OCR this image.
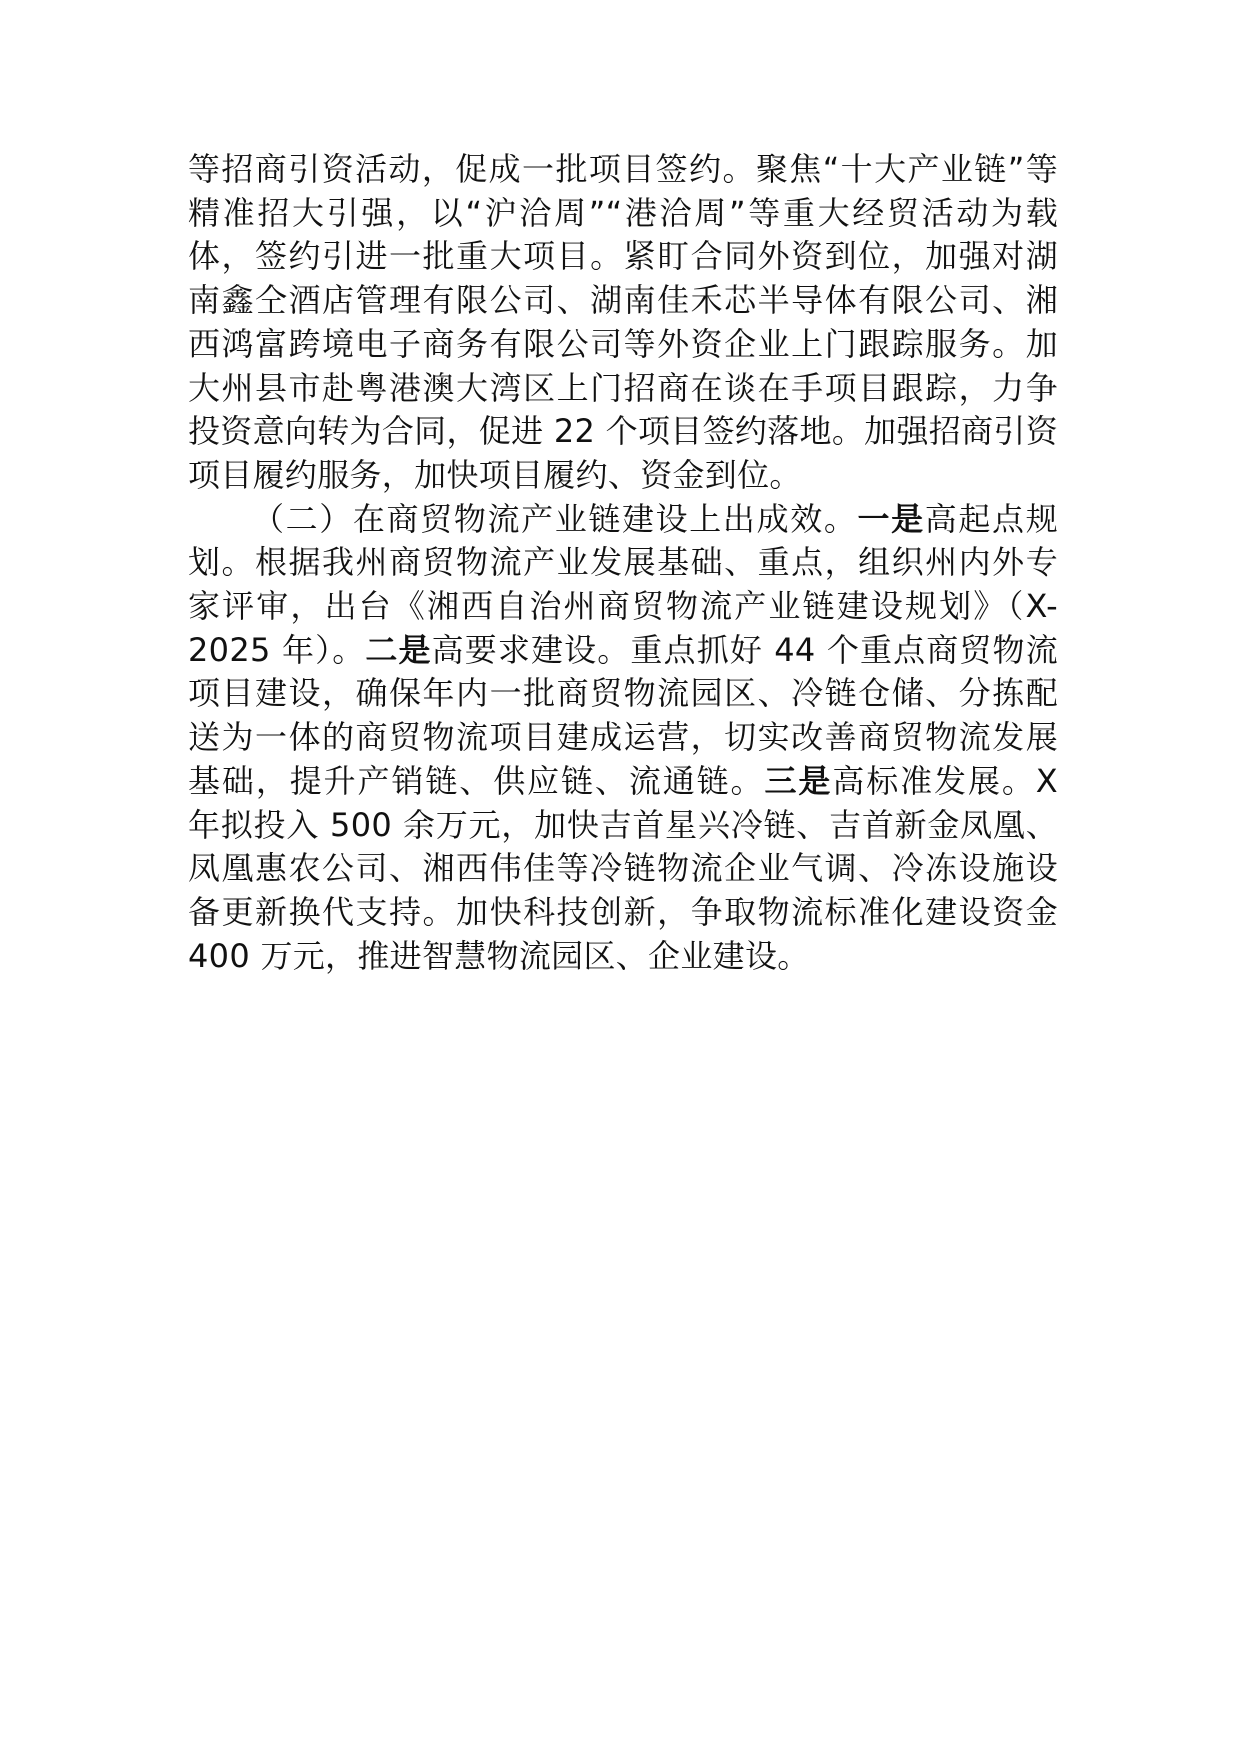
等招商引资活动，促成一批项目签约。聚焦“十大产业链”等精准招大引强，以“沪洽周”“港洽周”等重大经贸活动为载体，签约引进一批重大项目。紧盯合同外资到位，加强对湖南鑫仝酒店管理有限公司、湖南佳禾芯半导体有限公司、湘西鸿富跨境电子商务有限公司等外资企业上门跟踪服务。加大州县市赴粤港澳大湾区上门招商在谈在手项目跟踪，力争投资意向转为合同，促进 22 个项目签约落地。加强招商引资项目履约服务，加快项目履约、资金到位。

（二）在商贸物流产业链建设上出成效。一是高起点规划。根据我州商贸物流产业发展基础、重点，组织州内外专家评审，出台《湘西自治州商贸物流产业链建设规划》（X-2025 年）。二是高要求建设。重点抓好 44 个重点商贸物流项目建设，确保年内一批商贸物流园区、冷链仓储、分拣配送为一体的商贸物流项目建成运营，切实改善商贸物流发展基础，提升产销链、供应链、流通链。三是高标准发展。X 年拟投入 500 余万元，加快吉首星兴冷链、吉首新金凤凰、凤凰惠农公司、湘西伟佳等冷链物流企业气调、冷冻设施设备更新换代支持。加快科技创新，争取物流标准化建设资金 400 万元，推进智慧物流园区、企业建设。
